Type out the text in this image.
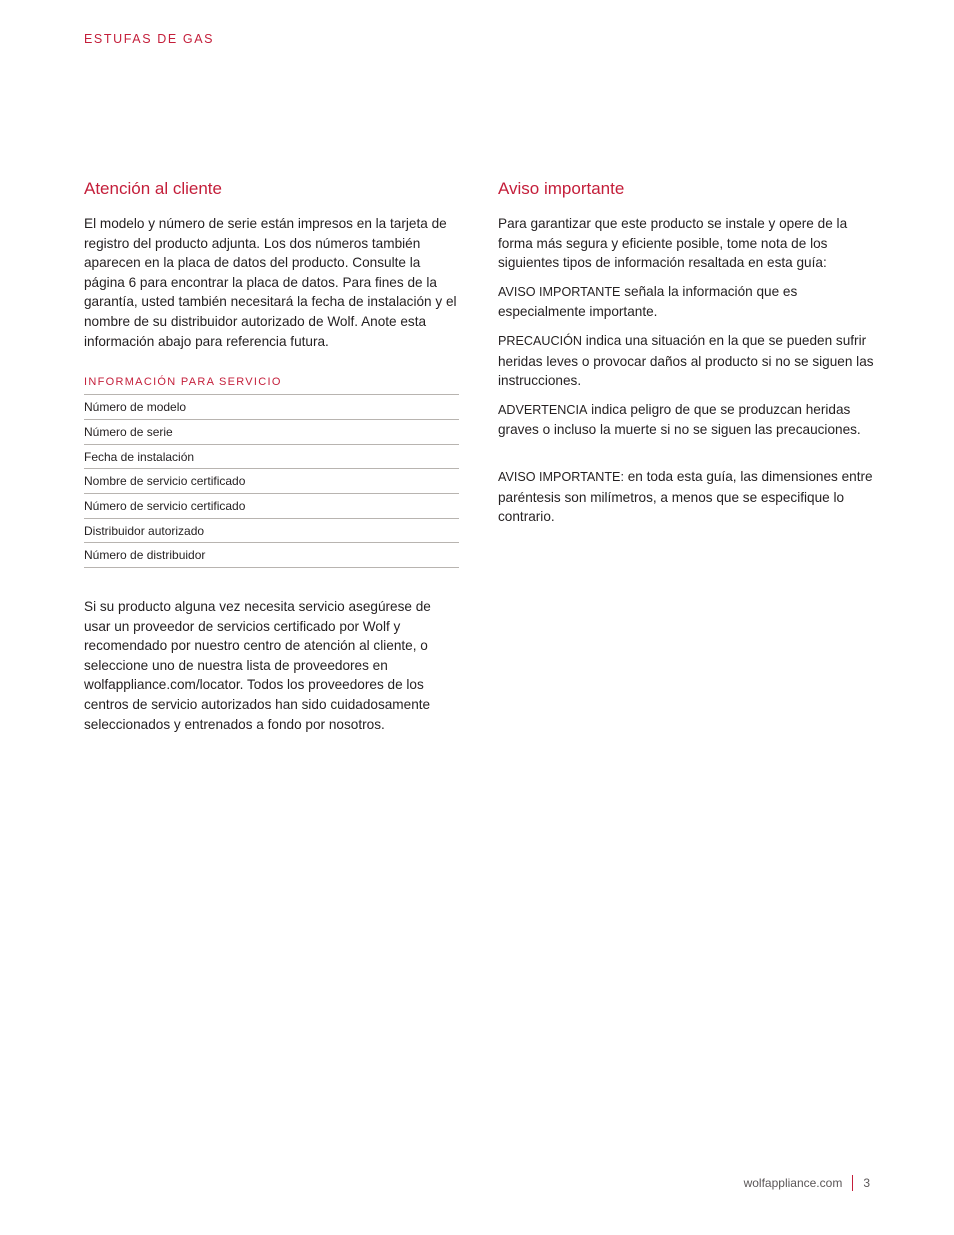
ESTUFAS DE GAS
Atención al cliente

El modelo y número de serie están impresos en la tarjeta de registro del producto adjunta. Los dos números también aparecen en la placa de datos del producto. Consulte la página 6 para encontrar la placa de datos. Para fines de la garantía, usted también necesitará la fecha de instalación y el nombre de su distribuidor autorizado de Wolf. Anote esta información abajo para referencia futura.

INFORMACIÓN PARA SERVICIO
Número de modelo
Número de serie
Fecha de instalación
Nombre de servicio certificado
Número de servicio certificado
Distribuidor autorizado
Número de distribuidor

Si su producto alguna vez necesita servicio asegúrese de usar un proveedor de servicios certificado por Wolf y recomendado por nuestro centro de atención al cliente, o seleccione uno de nuestra lista de proveedores en wolfappliance.com/locator. Todos los proveedores de los centros de servicio autorizados han sido cuidadosamente seleccionados y entrenados a fondo por nosotros.

Aviso importante

Para garantizar que este producto se instale y opere de la forma más segura y eficiente posible, tome nota de los siguientes tipos de información resaltada en esta guía:

AVISO IMPORTANTE señala la información que es especialmente importante.

PRECAUCIÓN indica una situación en la que se pueden sufrir heridas leves o provocar daños al producto si no se siguen las instrucciones.

ADVERTENCIA indica peligro de que se produzcan heridas graves o incluso la muerte si no se siguen las precauciones.

AVISO IMPORTANTE: en toda esta guía, las dimensiones entre paréntesis son milímetros, a menos que se especifique lo contrario.

wolfappliance.com 3
